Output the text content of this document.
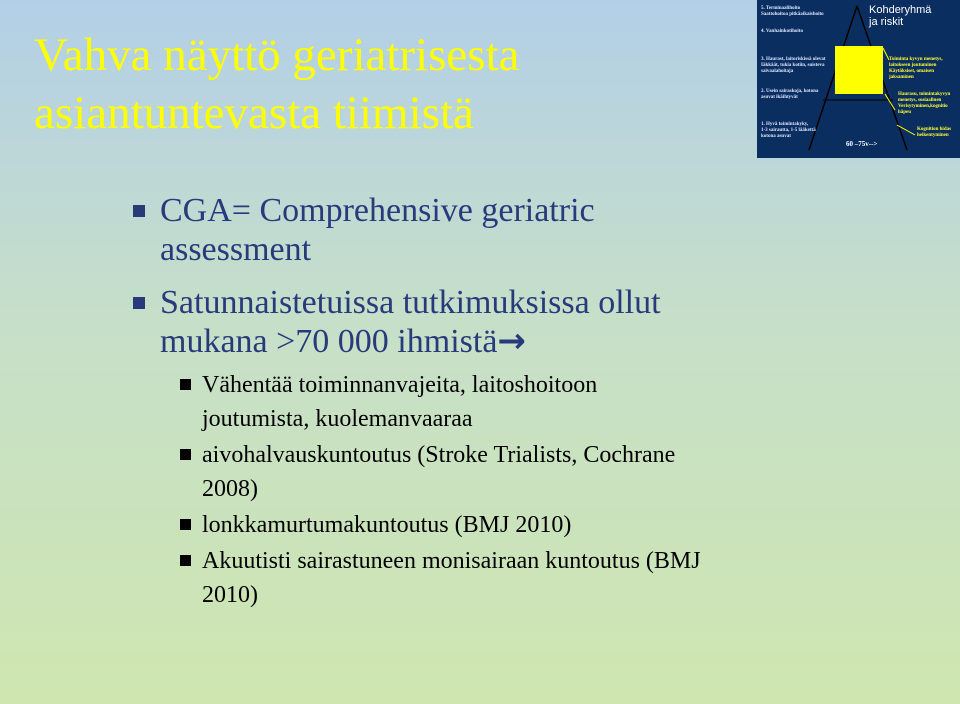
Vahva näyttö geriatrisesta
asiantuntevasta tiimistä
5. Terminaalihoito
Saattohoitoa pitkäaikaishoito
4. Vanhainkotihoito
3. Haurast, laitoriskissä olevat
Iäkkäät, tukia kotiin, suisteva
saivaalahoitaja
2. Usein sairaskoja, kotona
asuvat ikäihtyvät
1. Hyvä toimintakyky,
1-3 sairautta, 1-5 lääkettä
kotona asuvat
Kohderyhmä
ja riskit
Toiminta kyvyn menetys,
laitokseen joutuminen
Käytöksiset, omaisen
jaksaminen
Haurasu, toimintakyvyn
menetys, sosiaalinen
Verisytyminen,kognitio
häpeu
Kognition hidas
heikentyminen
60 –75v-->
CGA= Comprehensive geriatric
assessment
Satunnaistetuissa tutkimuksissa ollut
mukana >70 000 ihmistä→
Vähentää toiminnanvajeita, laitoshoitoon
joutumista, kuolemanvaaraa
aivohalvauskuntoutus (Stroke Trialists, Cochrane
2008)
lonkkamurtumakuntoutus (BMJ 2010)
Akuutisti sairastuneen monisairaan kuntoutus (BMJ
2010)
